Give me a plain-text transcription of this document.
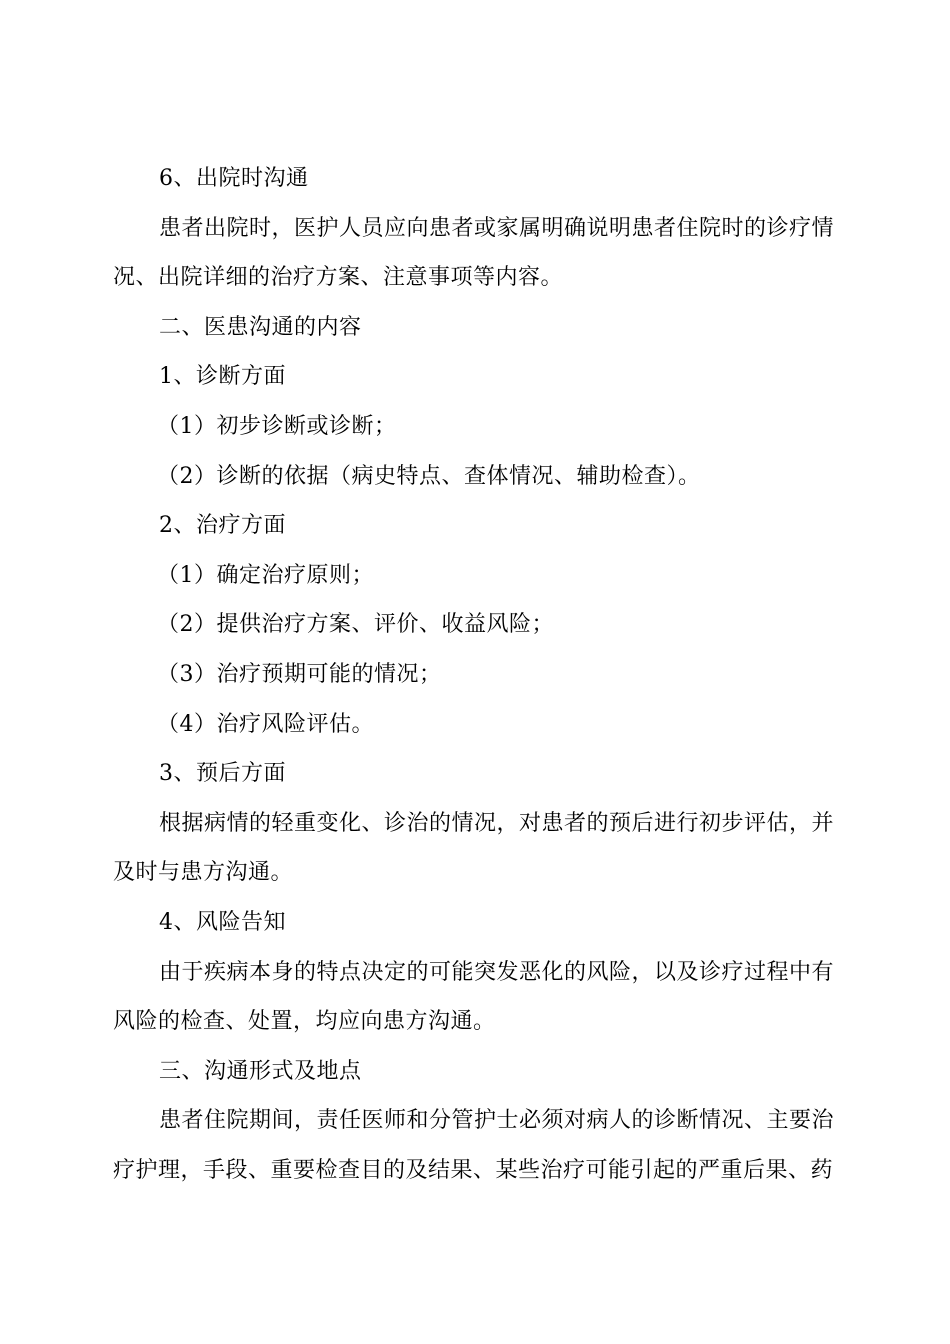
6、出院时沟通
患者出院时，医护人员应向患者或家属明确说明患者住院时的诊疗情
况、出院详细的治疗方案、注意事项等内容。
二、医患沟通的内容
1、诊断方面
（1）初步诊断或诊断；
（2）诊断的依据（病史特点、查体情况、辅助检查）。
2、治疗方面
（1）确定治疗原则；
（2）提供治疗方案、评价、收益风险；
（3）治疗预期可能的情况；
（4）治疗风险评估。
3、预后方面
根据病情的轻重变化、诊治的情况，对患者的预后进行初步评估，并
及时与患方沟通。
4、风险告知
由于疾病本身的特点决定的可能突发恶化的风险，以及诊疗过程中有
风险的检查、处置，均应向患方沟通。
三、沟通形式及地点
患者住院期间，责任医师和分管护士必须对病人的诊断情况、主要治
疗护理，手段、重要检查目的及结果、某些治疗可能引起的严重后果、药
